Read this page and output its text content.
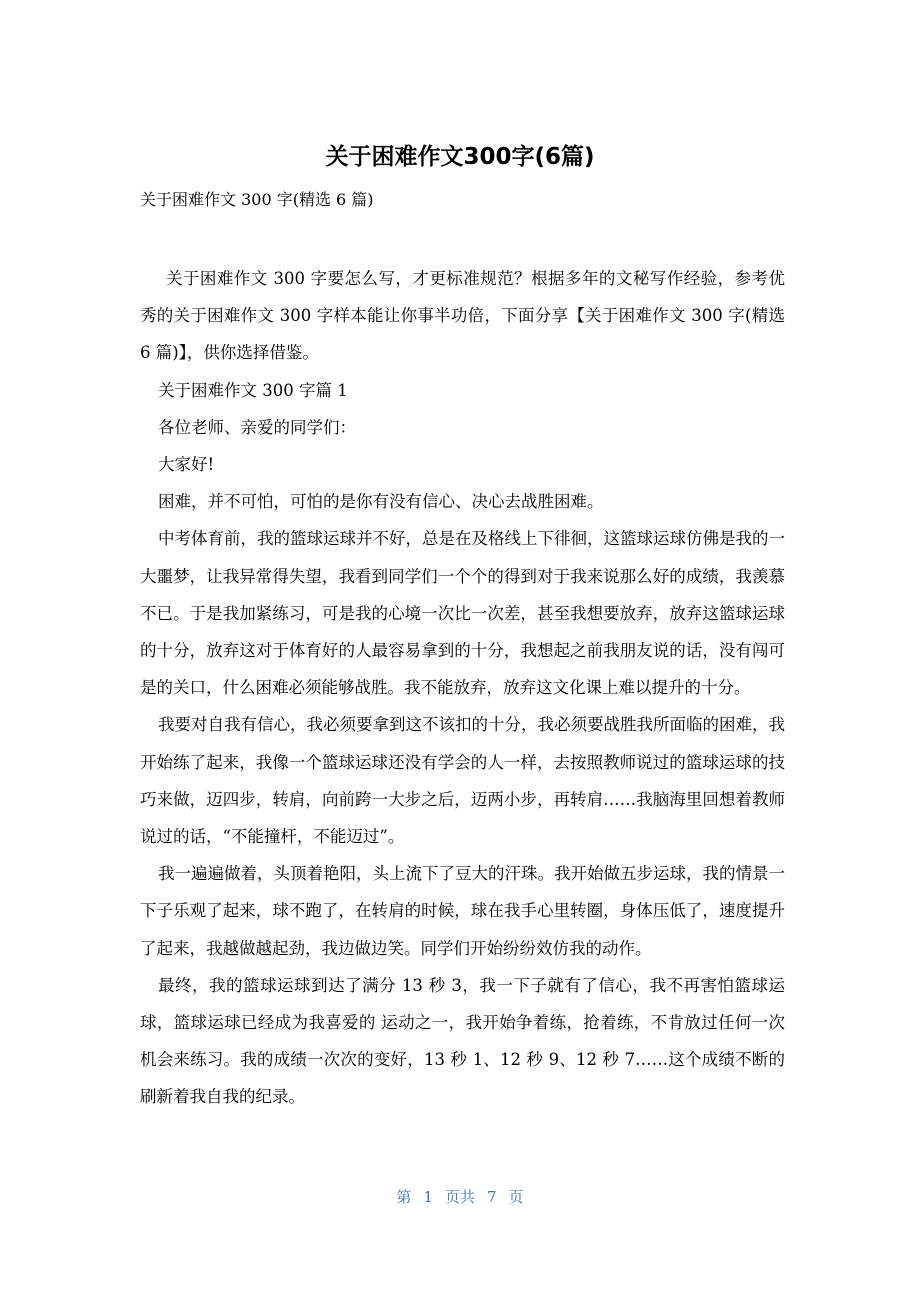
关于困难作文300字(6篇)

关于困难作文 300 字(精选 6 篇)

关于困难作文 300 字要怎么写，才更标准规范？根据多年的文秘写作经验，参考优秀的关于困难作文 300 字样本能让你事半功倍，下面分享【关于困难作文 300 字(精选 6 篇)】，供你选择借鉴。

关于困难作文 300 字篇 1

各位老师、亲爱的同学们：

大家好!

困难，并不可怕，可怕的是你有没有信心、决心去战胜困难。

中考体育前，我的篮球运球并不好，总是在及格线上下徘徊，这篮球运球仿佛是我的一大噩梦，让我异常得失望，我看到同学们一个个的得到对于我来说那么好的成绩，我羡慕不已。于是我加紧练习，可是我的心境一次比一次差，甚至我想要放弃，放弃这篮球运球的十分，放弃这对于体育好的人最容易拿到的十分，我想起之前我朋友说的话，没有闯可是的关口，什么困难必须能够战胜。我不能放弃，放弃这文化课上难以提升的十分。

我要对自我有信心，我必须要拿到这不该扣的十分，我必须要战胜我所面临的困难，我开始练了起来，我像一个篮球运球还没有学会的人一样，去按照教师说过的篮球运球的技巧来做，迈四步，转肩，向前跨一大步之后，迈两小步，再转肩……我脑海里回想着教师说过的话，“不能撞杆，不能迈过”。

我一遍遍做着，头顶着艳阳，头上流下了豆大的汗珠。我开始做五步运球，我的情景一下子乐观了起来，球不跑了，在转肩的时候，球在我手心里转圈，身体压低了，速度提升了起来，我越做越起劲，我边做边笑。同学们开始纷纷效仿我的动作。

最终，我的篮球运球到达了满分 13 秒 3，我一下子就有了信心，我不再害怕篮球运球，篮球运球已经成为我喜爱的 运动之一，我开始争着练，抢着练，不肯放过任何一次机会来练习。我的成绩一次次的变好，13 秒 1、12 秒 9、12 秒 7……这个成绩不断的刷新着我自我的纪录。

第 1 页共 7 页
